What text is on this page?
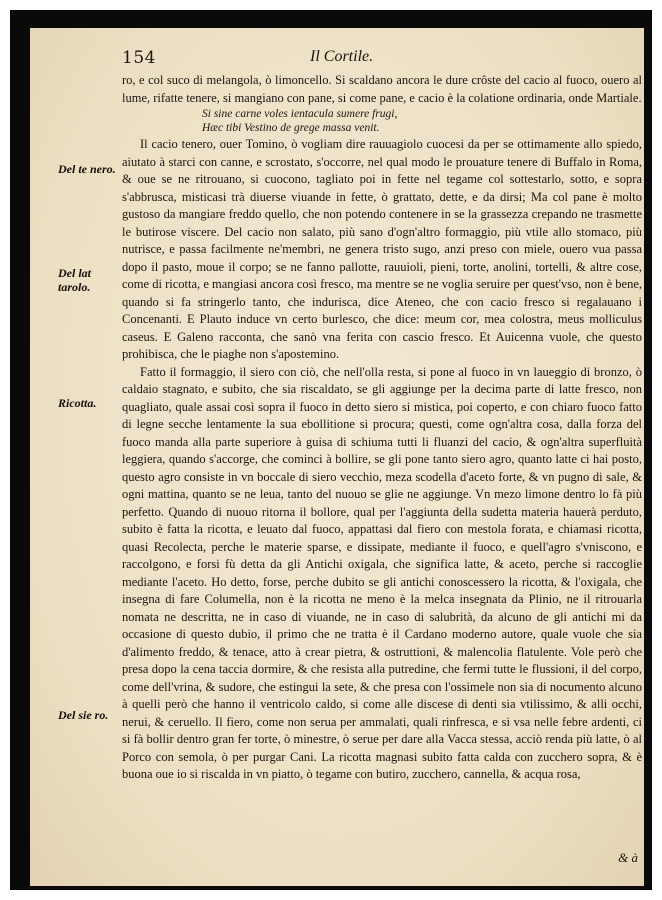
154	Il Cortile.
Del te nero.
Del lat tarolo.
Ricotta.
Del sie ro.

ro, e col suco di melangola, ò limoncello. Si scaldano ancora le dure crôste del cacio al fuoco, ouero al lume, rifatte tenere, si mangiano con pane, si come pane, e cacio è la colatione ordinaria, onde Martiale.

Si sine carne voles ientacula sumere frugi,
Hæc tibi Vestino de grege massa venit.

Il cacio tenero, ouer Tomino, ò vogliam dire rauuagiolo cuocesi da per se ottimamente allo spiedo, aiutato à starci con canne, e scrostato, s'occorre, nel qual modo le prouature tenere di Buffalo in Roma, & oue se ne ritrouano, si cuocono, tagliato poi in fette nel tegame col sottestarlo, sotto, e sopra s'abbrusca, misticasi trà diuerse viuande in fette, ò grattato, dette, e da dirsi; Ma col pane è molto gustoso da mangiare freddo quello, che non potendo contenere in se la grassezza crepando ne trasmette le butirose viscere. Del cacio non salato, più sano d'ogn'altro formaggio, più vtile allo stomaco, più nutrisce, e passa facilmente ne'membri, ne genera tristo sugo, anzi preso con miele, ouero vua passa dopo il pasto, moue il corpo; se ne fanno pallotte, rauuioli, pieni, torte, anolini, tortelli, & altre cose, come di ricotta, e mangiasi ancora così fresco, ma mentre se ne voglia seruire per quest'vso, non è bene, quando si fa stringerlo tanto, che indurisca, dice Ateneo, che con cacio fresco si regalauano i Concenanti. E Plauto induce vn certo burlesco, che dice: meum cor, mea colostra, meus molliculus caseus. E Galeno racconta, che sanò vna ferita con cascio fresco. Et Auicenna vuole, che questo prohibisca, che le piaghe non s'apostemino.

Fatto il formaggio, il siero con ciò, che nell'olla resta, si pone al fuoco in vn laueggio di bronzo, ò caldaio stagnato, e subito, che sia riscaldato, se gli aggiunge per la decima parte di latte fresco, non quagliato, quale assai così sopra il fuoco in detto siero si mistica, poi coperto, e con chiaro fuoco fatto di legne secche lentamente la sua ebollitione si procura; questi, come ogn'altra cosa, dalla forza del fuoco manda alla parte superiore à guisa di schiuma tutti li fluanzi del cacio, & ogn'altra superfluità leggiera, quando s'accorge, che cominci à bollire, se gli pone tanto siero agro, quanto latte ci hai posto, questo agro consiste in vn boccale di siero vecchio, meza scodella d'aceto forte, & vn pugno di sale, & ogni mattina, quanto se ne leua, tanto del nuouo se glie ne aggiunge. Vn mezo limone dentro lo fà più perfetto. Quando di nuouo ritorna il bollore, qual per l'aggiunta della sudetta materia hauerà perduto, subito è fatta la ricotta, e leuato dal fuoco, appattasi dal fiero con mestola forata, e chiamasi ricotta, quasi Recolecta, perche le materie sparse, e dissipate, mediante il fuoco, e quell'agro s'vniscono, e raccolgono, e forsi fù detta da gli Antichi oxigala, che significa latte, & aceto, perche si raccoglie mediante l'aceto. Ho detto, forse, perche dubito se gli antichi conoscessero la ricotta, & l'oxigala, che insegna di fare Columella, non è la ricotta ne meno è la melca insegnata da Plinio, ne il ritrouarla nomata ne descritta, ne in caso di viuande, ne in caso di salubrità, da alcuno de gli antichi mi da occasione di questo dubio, il primo che ne tratta è il Cardano moderno autore, quale vuole che sia d'alimento freddo, & tenace, atto à crear pietra, & ostruttioni, & malencolia flatulente. Vole però che presa dopo la cena taccia dormire, & che resista alla putredine, che fermi tutte le flussioni, il del corpo, come dell'vrina, & sudore, che estingui la sete, & che presa con l'ossimele non sia di nocumento alcuno à quelli però che hanno il ventricolo caldo, si come alle discese di denti sia vtilissimo, & alli occhi, nerui, & ceruello. Il fiero, come non serua per ammalati, quali rinfresca, e si vsa nelle febre ardenti, ci si fà bollir dentro gran fer torte, ò minestre, ò serue per dare alla Vacca stessa, acciò renda più latte, ò al Porco con semola, ò per purgar Cani. La ricotta magnasi subito fatta calda con zucchero sopra, & è buona oue io si riscalda in vn piatto, ò tegame con butiro, zucchero, cannella, & acqua rosa,

& à
